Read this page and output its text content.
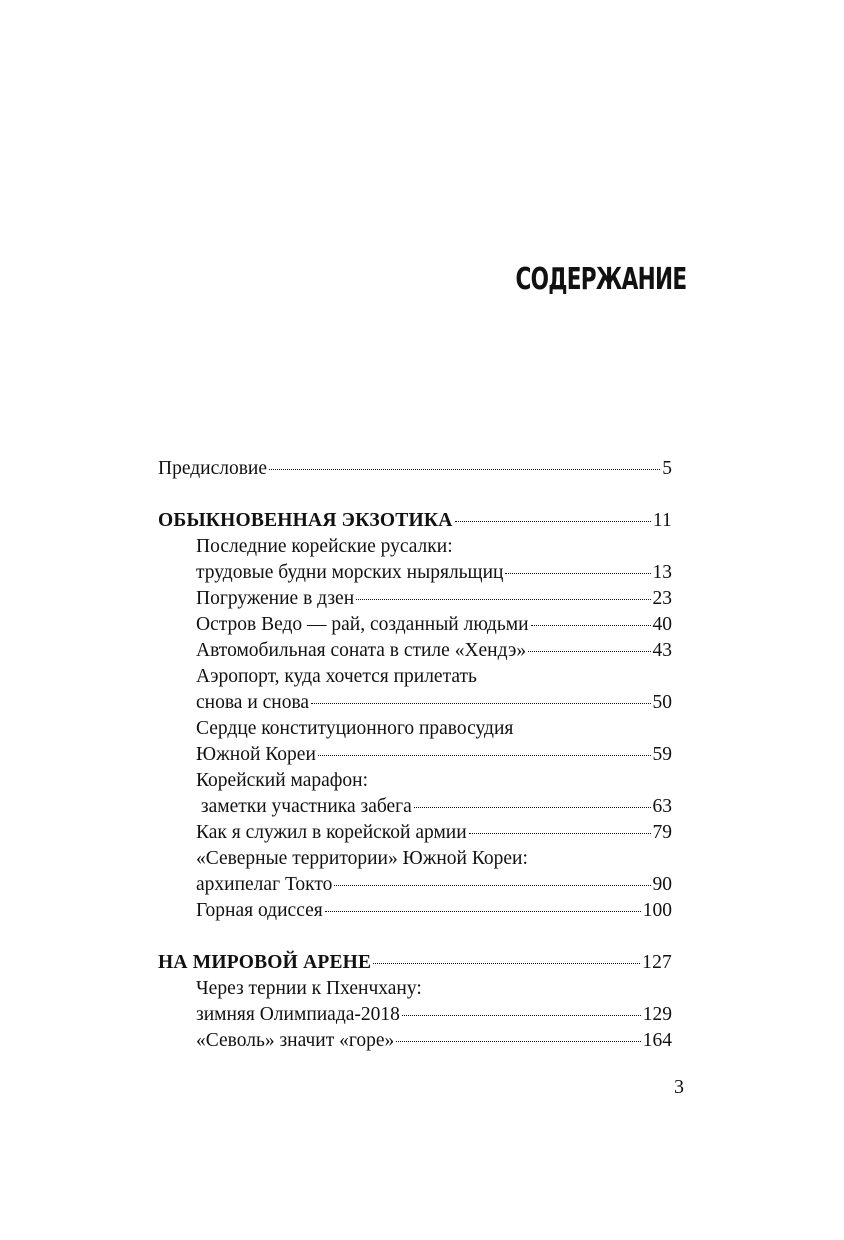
СОДЕРЖАНИЕ
Предисловие	5
ОБЫКНОВЕННАЯ ЭКЗОТИКА	11
Последние корейские русалки:
трудовые будни морских ныряльщиц	13
Погружение в дзен	23
Остров Ведо — рай, созданный людьми	40
Автомобильная соната в стиле «Хендэ»	43
Аэропорт, куда хочется прилетать
снова и снова	50
Сердце конституционного правосудия
Южной Кореи	59
Корейский марафон:
заметки участника забега	63
Как я служил в корейской армии	79
«Северные территории» Южной Кореи:
архипелаг Токто	90
Горная одиссея	100
НА МИРОВОЙ АРЕНЕ	127
Через тернии к Пхенчхану:
зимняя Олимпиада-2018	129
«Севоль» значит «горе»	164
3
